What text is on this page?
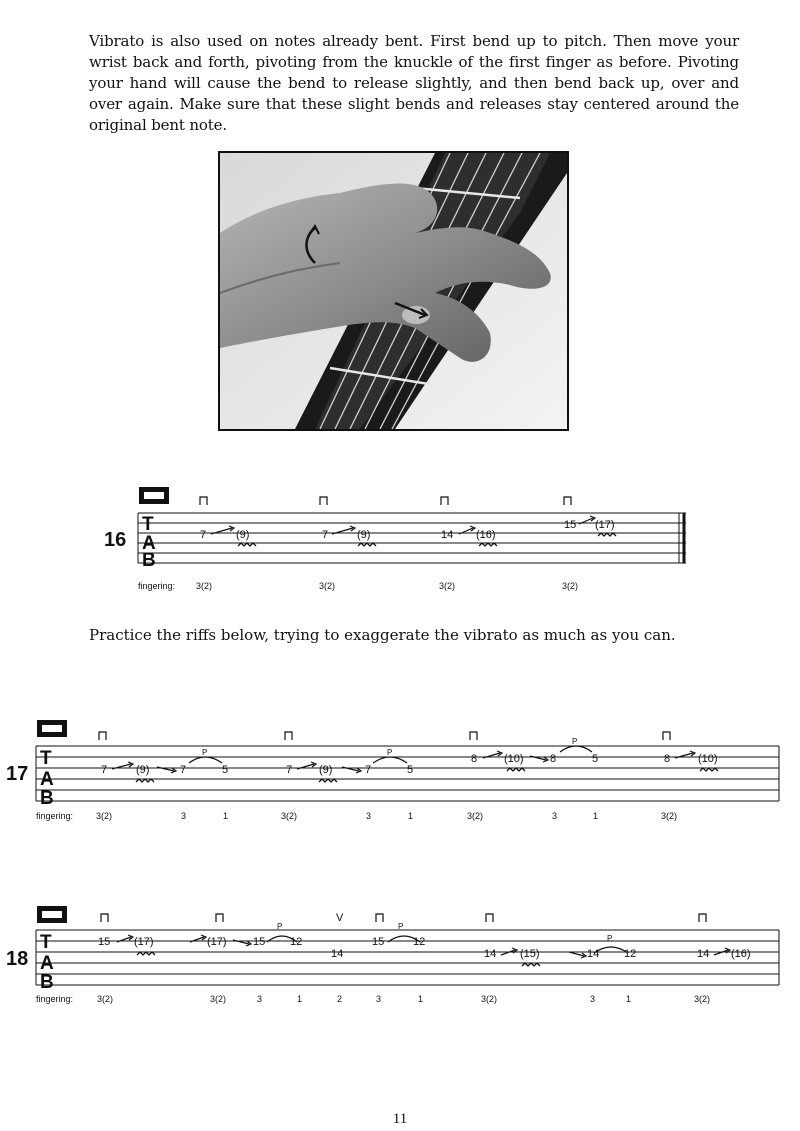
Vibrato is also used on notes already bent. First bend up to pitch. Then move your wrist back and forth, pivoting from the knuckle of the first finger as before. Pivoting your hand will cause the bend to release slightly, and then bend back up, over and over again. Make sure that these slight bends and releases stay centered around the original bent note.
Practice the riffs below, trying to exaggerate the vibrato as much as you can.
T
A
B
T
A
B
T
A
B
16
17
18
7	(9)	7	(9)	14 (16)
15 (17)
fingering: 3(2)	3(2)	3(2)	3(2)
7	(9)	7	5	7 (9)	7	5
8 (10) 8	5	8	(10)
P	P
P
fingering:	3(2)	3	1	3(2)	3	1	3(2)	3	1	3(2)
15 (17)	(17) 15 12
14
15	12
14 (15)	14 12	14 (16)
P	P
P
V
fingering:	3(2)	3(2)	3	1	2	3	1	3(2)	3	1	3(2)
11
